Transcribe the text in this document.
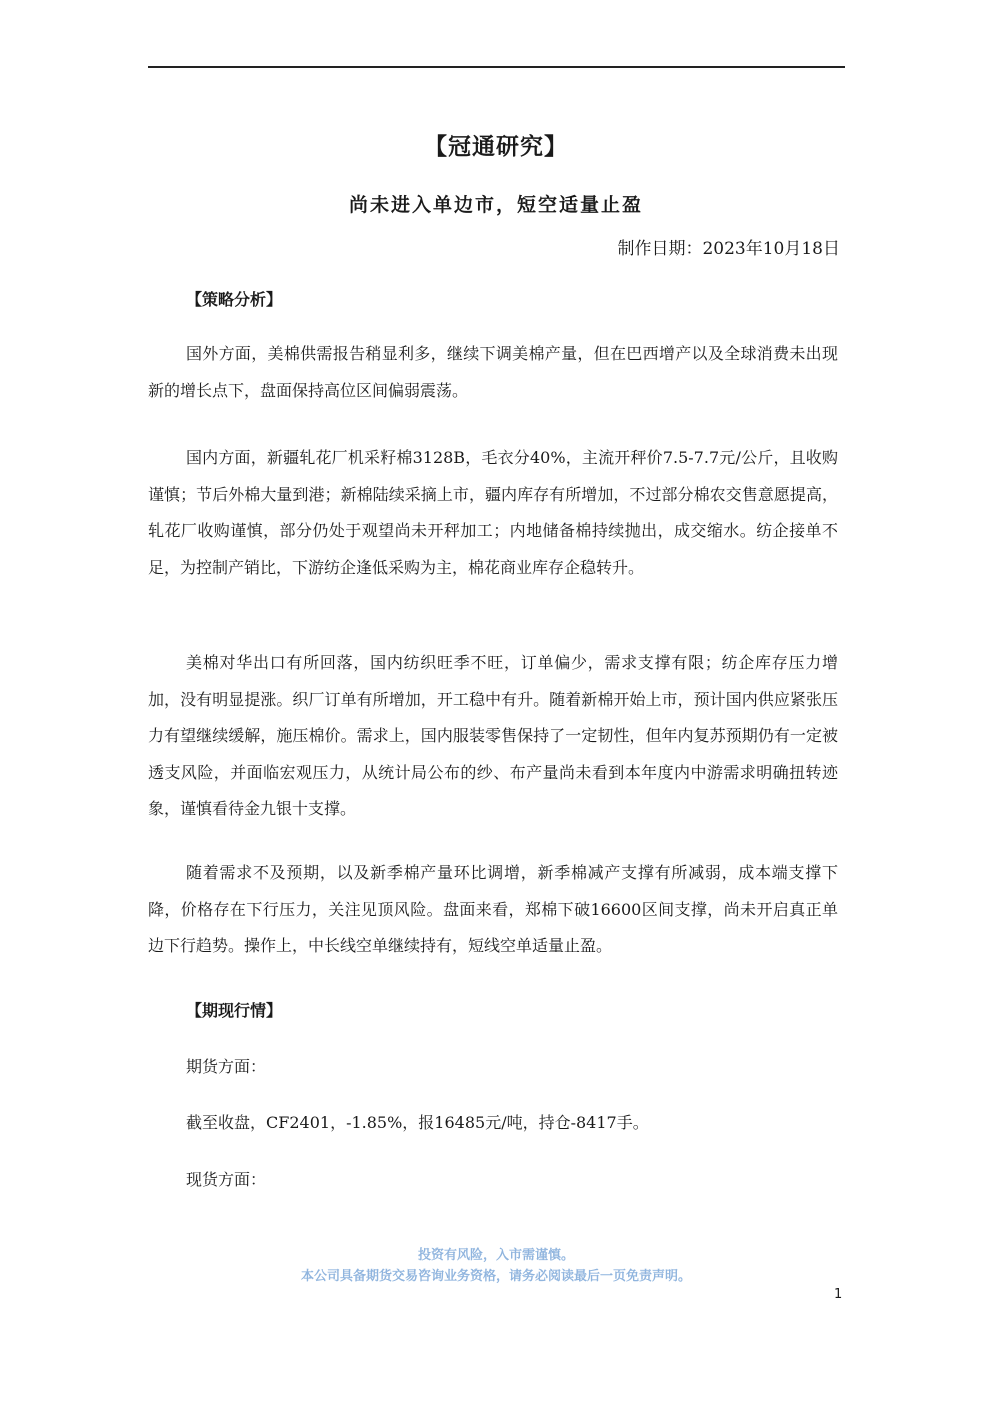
【冠通研究】
尚未进入单边市，短空适量止盈
制作日期：2023年10月18日
【策略分析】
国外方面，美棉供需报告稍显利多，继续下调美棉产量，但在巴西增产以及全球消费未出现新的增长点下，盘面保持高位区间偏弱震荡。
国内方面，新疆轧花厂机采籽棉3128B，毛衣分40%，主流开秤价7.5-7.7元/公斤，且收购谨慎；节后外棉大量到港；新棉陆续采摘上市，疆内库存有所增加，不过部分棉农交售意愿提高，轧花厂收购谨慎，部分仍处于观望尚未开秤加工；内地储备棉持续抛出，成交缩水。纺企接单不足，为控制产销比，下游纺企逢低采购为主，棉花商业库存企稳转升。
美棉对华出口有所回落，国内纺织旺季不旺，订单偏少，需求支撑有限；纺企库存压力增加，没有明显提涨。织厂订单有所增加，开工稳中有升。随着新棉开始上市，预计国内供应紧张压力有望继续缓解，施压棉价。需求上，国内服装零售保持了一定韧性，但年内复苏预期仍有一定被透支风险，并面临宏观压力，从统计局公布的纱、布产量尚未看到本年度内中游需求明确扭转迹象，谨慎看待金九银十支撑。
随着需求不及预期，以及新季棉产量环比调增，新季棉减产支撑有所减弱，成本端支撑下降，价格存在下行压力，关注见顶风险。盘面来看，郑棉下破16600区间支撑，尚未开启真正单边下行趋势。操作上，中长线空单继续持有，短线空单适量止盈。
【期现行情】
期货方面：
截至收盘，CF2401，-1.85%，报16485元/吨，持仓-8417手。
现货方面：
投资有风险，入市需谨慎。
本公司具备期货交易咨询业务资格，请务必阅读最后一页免责声明。
1
